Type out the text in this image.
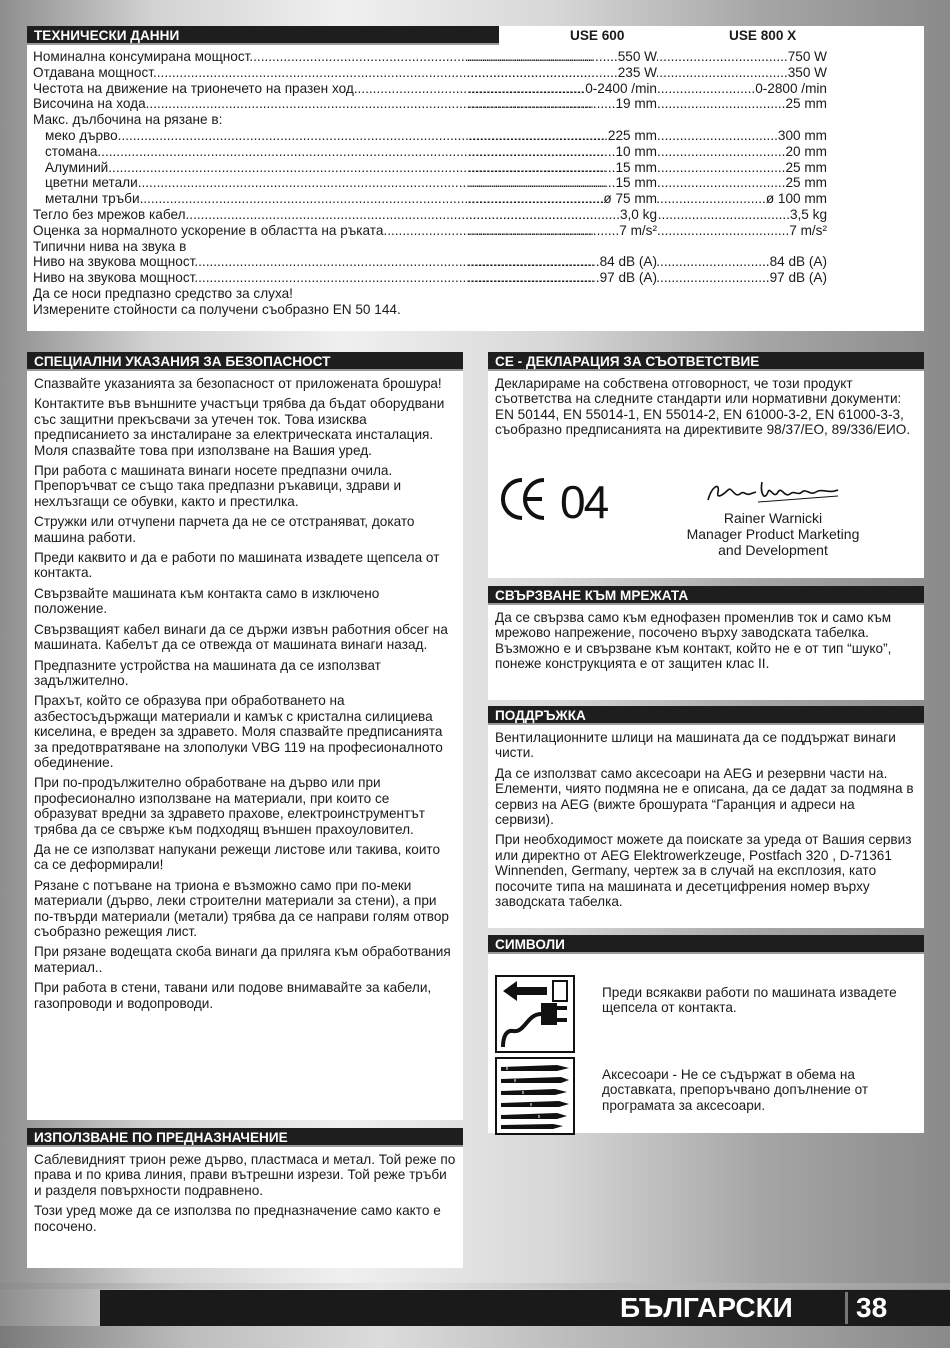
ТЕХНИЧЕСКИ ДАННИ	USE 600	USE 800 X
Номинална консумирана мощност .....	550 W .....	750 W .....
Отдавана мощност .....	235 W .....	350 W .....
Честота на движение на трионечето на празен ход .....	0-2400 /min .....	0-2800 /min .....
Височина на хода .....	19 mm .....	25 mm .....
Макс. дълбочина на рязане в:
меко дърво .....	225 mm .....	300 mm .....
стомана .....	10 mm .....	20 mm .....
Алуминий .....	15 mm .....	25 mm .....
цветни метали .....	15 mm .....	25 mm .....
метални тръби .....	ø 75 mm .....	ø 100 mm .....
Тегло без мрежов кабел .....	3,0 kg .....	3,5 kg .....
Оценка за нормалното ускорение в областта на ръката .....	7 m/s² .....	7 m/s² .....
Типични нива на звука в
Ниво на звукова мощност .....	84 dB (A) .....	84 dB (A) .....
Ниво на звукова мощност .....	97 dB (A) .....	97 dB (A) .....
Да се носи предпазно средство за слуха!
Измерените стойности са получени съобразно EN 50 144.
СПЕЦИАЛНИ УКАЗАНИЯ ЗА БЕЗОПАСНОСТ

Спазвайте указанията за безопасност от приложената брошура!

Контактите във външните участъци трябва да бъдат оборудвани със защитни прекъсвачи за утечен ток. Това изисква предписанието за инсталиране за електрическата инсталация. Моля спазвайте това при използване на Вашия уред.

При работа с машината винаги носете предпазни очила. Препоръчват се също така предпазни ръкавици, здрави и нехлъзгащи се обувки, както и престилка.

Стружки или отчупени парчета да не се отстраняват, докато машина работи.

Преди каквито и да е работи по машината извадете щепсела от контакта.

Свързвайте машината към контакта само в изключено положение.

Свързващият кабел винаги да се държи извън работния обсег на машината. Кабелът да се отвежда от машината винаги назад.

Предпазните устройства на машината да се използват задължително.

Прахът, който се образува при обработването на азбестосъдържащи материали и камък с кристална силициева киселина, е вреден за здравето. Моля спазвайте предписанията за предотвратяване на злополуки VBG 119 на професионалното обединение.

При по-продължително обработване на дърво или при професионално използване на материали, при които се образуват вредни за здравето прахове, електроинструментът трябва да се свърже към подходящ външен прахоуловител.

Да не се използват напукани режещи листове или такива, които са се деформирали!

Рязане с потъване на триона е възможно само при по-меки материали (дърво, леки строителни материали за стени), а при по-твърди материали (метали) трябва да се направи голям отвор съобразно режещия лист.

При рязане водещата скоба винаги да приляга към обработвания материал..

При работа в стени, тавани или подове внимавайте за кабели, газопроводи и водопроводи.

ИЗПОЛЗВАНЕ ПО ПРЕДНАЗНАЧЕНИЕ

Саблевидният трион реже дърво, пластмаса и метал. Той реже по права и по крива линия, прави вътрешни изрези. Той реже тръби и разделя повърхности подравнено.

Този уред може да се използва по предназначение само както е посочено.

CE - ДЕКЛАРАЦИЯ ЗА СЪОТВЕТСТВИЕ

Декларираме на собствена отговорност, че този продукт съответства на следните стандарти или нормативни документи: EN 50144, EN 55014-1, EN 55014-2, EN 61000-3-2, EN 61000-3-3, съобразно предписанията на директивите 98/37/ЕО, 89/336/ЕИО.

04	Rainer Warnicki
Manager Product Marketing
and Development
СВЪРЗВАНЕ КЪМ МРЕЖАТА

Да се свързва само към еднофазен променлив ток и само към мрежово напрежение, посочено върху заводската табелка. Възможно е и свързване към контакт, който не е от тип “шуко”, понеже конструкцията е от защитен клас II.

ПОДДРЪЖКА

Вентилационните шлици на машината да се поддържат винаги чисти.

Да се използват само аксесоари на AEG и резервни части на. Елементи, чиято подмяна не е описана, да се дадат за подмяна в сервиз на AEG (вижте брошурата “Гаранция и адреси на сервизи).

При необходимост можете да поискате за уреда от Вашия сервиз или директно от AEG Elektrowerkzeuge, Postfach 320 , D-71361 Winnenden, Germany, чертеж за в случай на експлозия, като посочите типа на машината и десетцифрения номер върху заводската табелка.

СИМВОЛИ
Преди всякакви работи по машината извадете щепсела от контакта.
Аксесоари - Не се съдържат в обема на доставката, препоръчвано допълнение от програмата за аксесоари.
БЪЛГАРСКИ 38
